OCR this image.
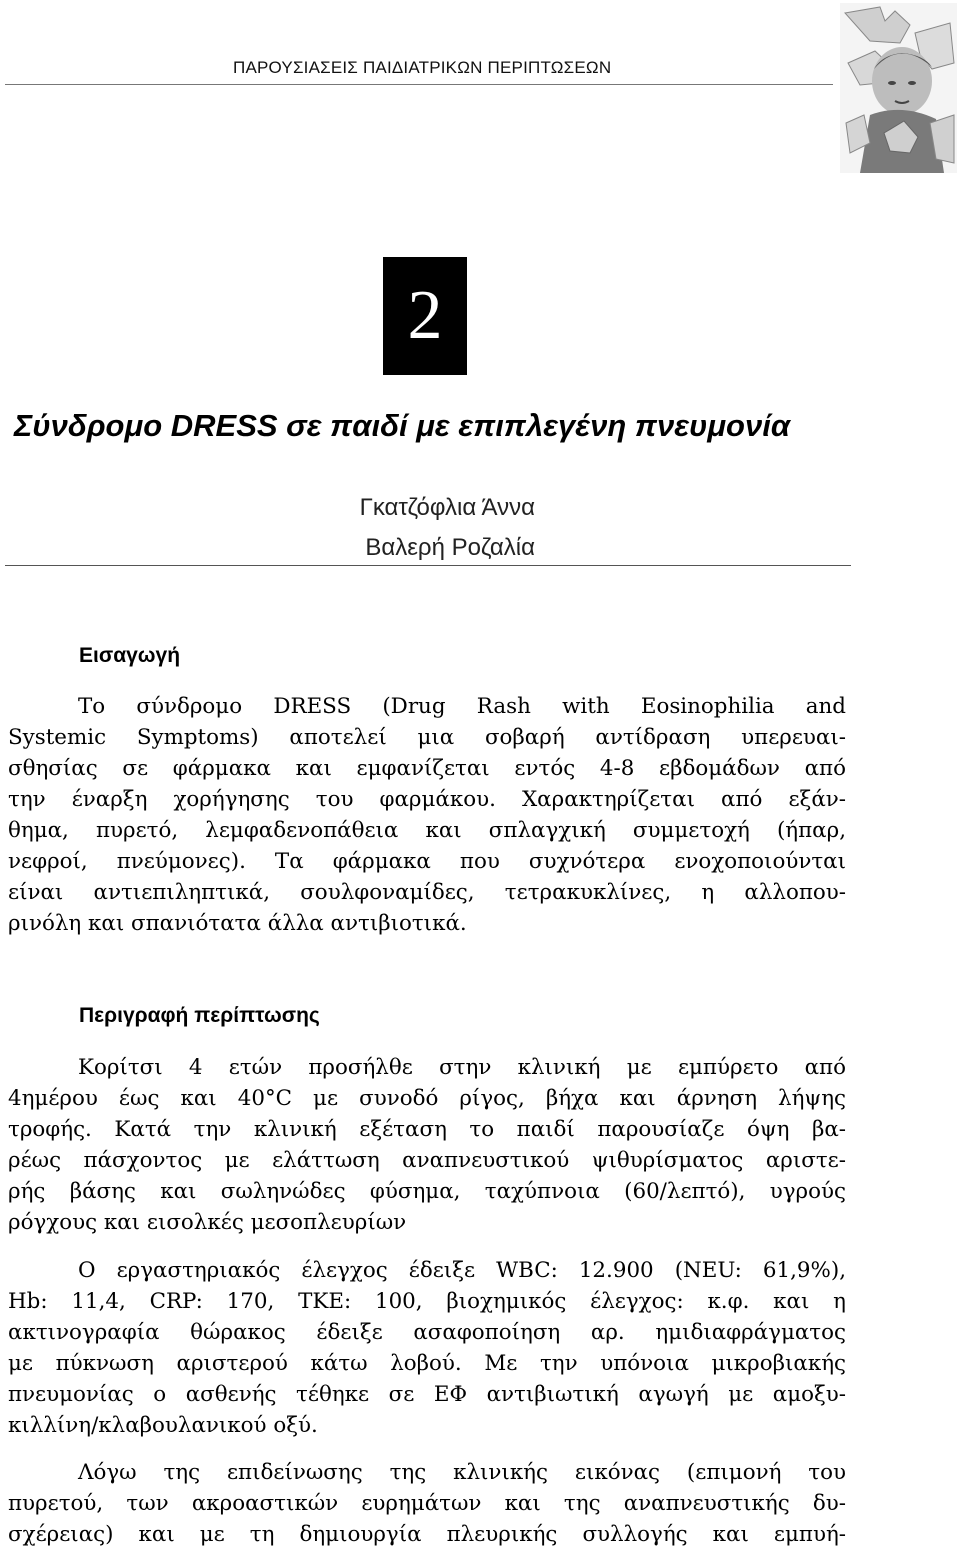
ΠΑΡΟΥΣΙΑΣΕΙΣ ΠΑΙΔΙΑΤΡΙΚΩΝ ΠΕΡΙΠΤΩΣΕΩΝ
2
Σύνδρομο DRESS σε παιδί με επιπλεγένη πνευμονία
Γκατζόφλια Άννα
Βαλερή Ροζαλία
Εισαγωγή
Το σύνδρομο DRESS (Drug Rash with Eosinophilia and
Systemic Symptoms) αποτελεί μια σοβαρή αντίδραση υπερευαι-
σθησίας σε φάρμακα και εμφανίζεται εντός 4-8 εβδομάδων από
την έναρξη χορήγησης του φαρμάκου. Χαρακτηρίζεται από εξάν-
θημα, πυρετό, λεμφαδενοπάθεια και σπλαγχική συμμετοχή (ήπαρ,
νεφροί, πνεύμονες). Τα φάρμακα που συχνότερα ενοχοποιούνται
είναι αντιεπιληπτικά, σουλφοναμίδες, τετρακυκλίνες, η αλλοπου-
ρινόλη και σπανιότατα άλλα αντιβιοτικά.
Περιγραφή περίπτωσης
Κορίτσι 4 ετών προσήλθε στην κλινική με εμπύρετο από
4ημέρου έως και 40°C με συνοδό ρίγος, βήχα και άρνηση λήψης
τροφής. Κατά την κλινική εξέταση το παιδί παρουσίαζε όψη βα-
ρέως πάσχοντος με ελάττωση αναπνευστικού ψιθυρίσματος αριστε-
ρής βάσης και σωληνώδες φύσημα, ταχύπνοια (60/λεπτό), υγρούς
ρόγχους και εισολκές μεσοπλευρίων
Ο εργαστηριακός έλεγχος έδειξε WBC: 12.900 (NEU: 61,9%),
Hb: 11,4, CRP: 170, TKE: 100, βιοχημικός έλεγχος: κ.φ. και η
ακτινογραφία θώρακος έδειξε ασαφοποίηση αρ. ημιδιαφράγματος
με πύκνωση αριστερού κάτω λοβού. Με την υπόνοια μικροβιακής
πνευμονίας ο ασθενής τέθηκε σε ΕΦ αντιβιωτική αγωγή με αμοξυ-
κιλλίνη/κλαβουλανικού οξύ.
Λόγω της επιδείνωσης της κλινικής εικόνας (επιμονή του
πυρετού, των ακροαστικών ευρημάτων και της αναπνευστικής δυ-
σχέρειας) και με τη δημιουργία πλευρικής συλλογής και εμπυή-
